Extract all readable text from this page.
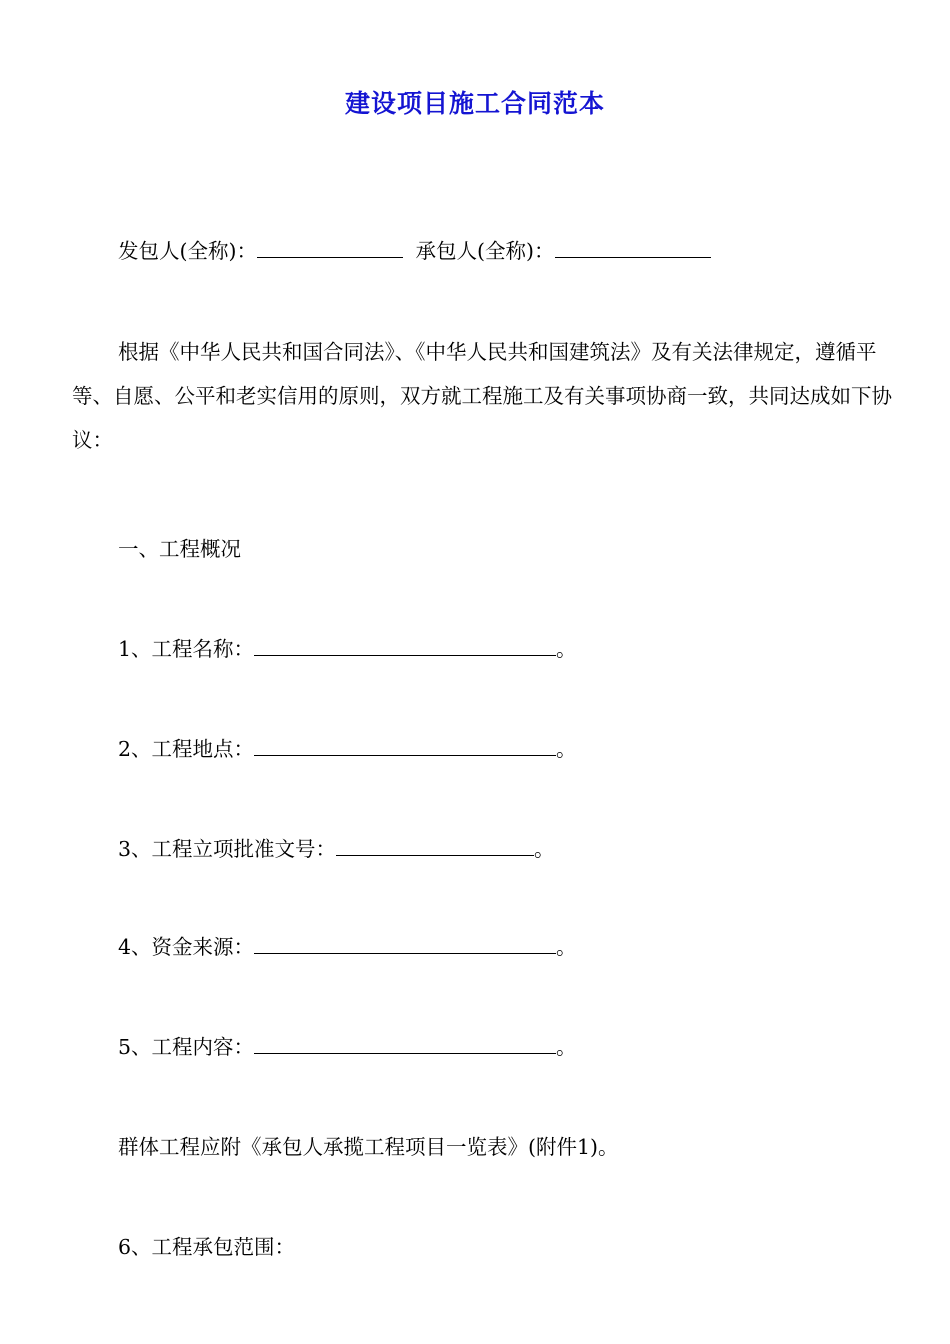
建设项目施工合同范本
发包人(全称)：	承包人(全称)：
根据《中华人民共和国合同法》、《中华人民共和国建筑法》及有关法律规定，遵循平等、自愿、公平和老实信用的原则，双方就工程施工及有关事项协商一致，共同达成如下协议：
一、工程概况
1、工程名称：	。
2、工程地点：	。
3、工程立项批准文号：	。
4、资金来源：	。
5、工程内容：	。
群体工程应附《承包人承揽工程项目一览表》(附件1)。
6、工程承包范围：
